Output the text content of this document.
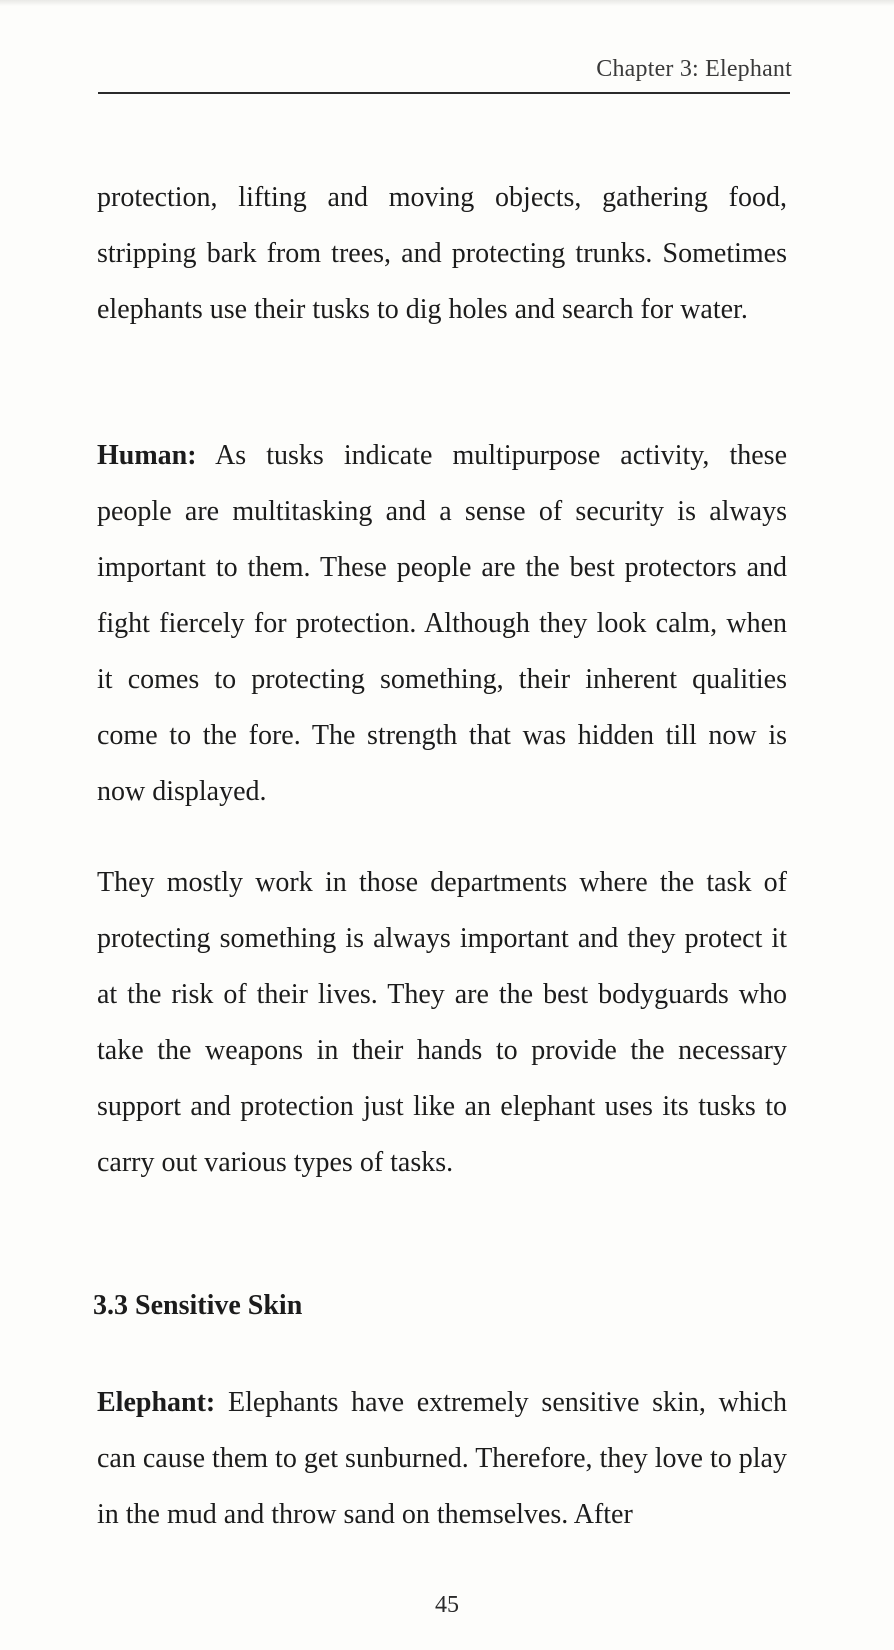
Chapter 3: Elephant

protection, lifting and moving objects, gathering food, stripping bark from trees, and protecting trunks. Sometimes elephants use their tusks to dig holes and search for water.

Human: As tusks indicate multipurpose activity, these people are multitasking and a sense of security is always important to them. These people are the best protectors and fight fiercely for protection. Although they look calm, when it comes to protecting something, their inherent qualities come to the fore. The strength that was hidden till now is now displayed.

They mostly work in those departments where the task of protecting something is always important and they protect it at the risk of their lives. They are the best bodyguards who take the weapons in their hands to provide the necessary support and protection just like an elephant uses its tusks to carry out various types of tasks.

3.3 Sensitive Skin

Elephant: Elephants have extremely sensitive skin, which can cause them to get sunburned. Therefore, they love to play in the mud and throw sand on themselves. After

45
